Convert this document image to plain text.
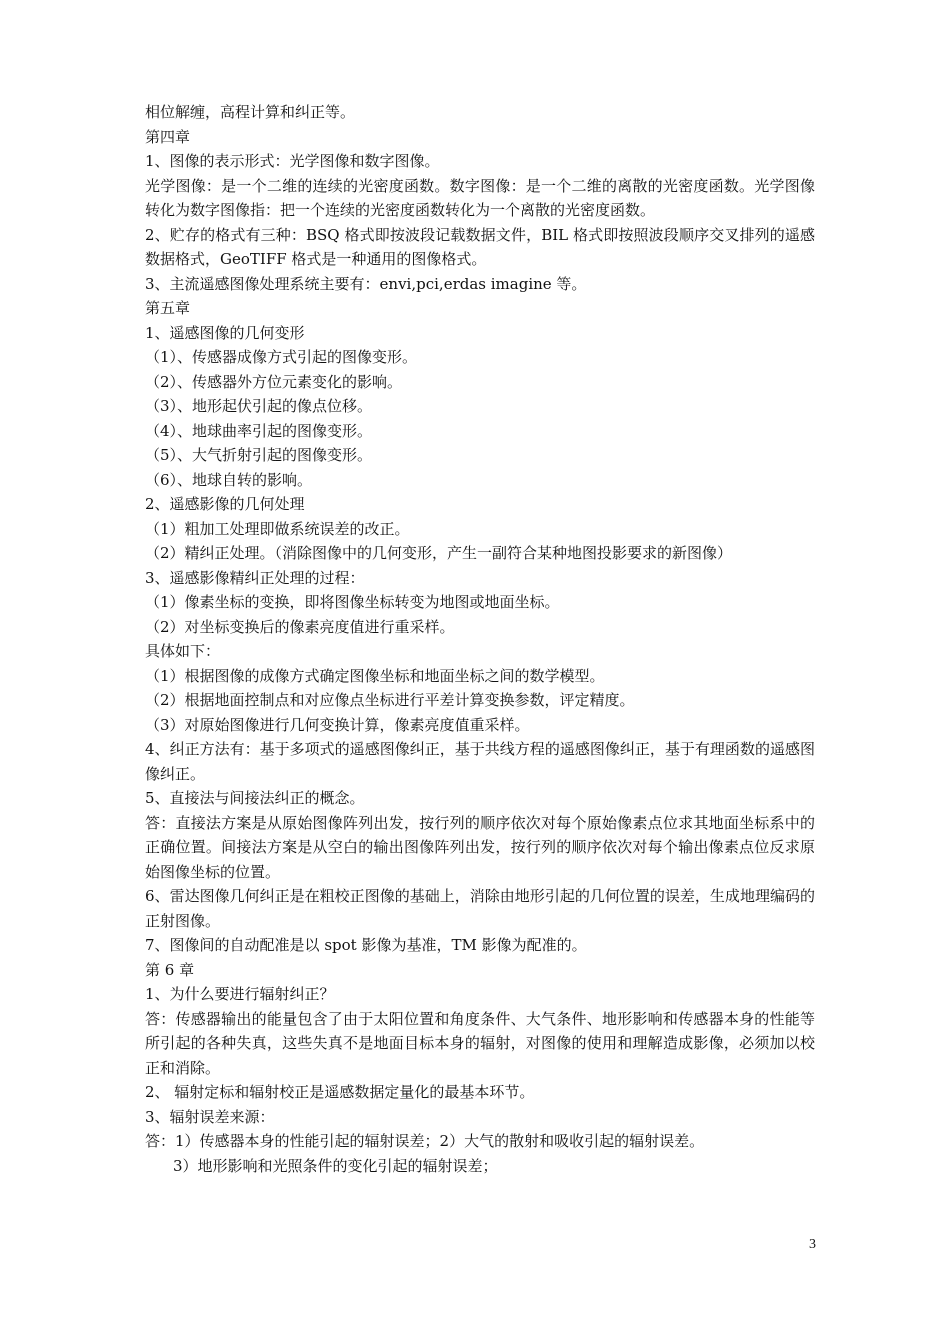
相位解缠，高程计算和纠正等。

第四章

1、图像的表示形式：光学图像和数字图像。

光学图像：是一个二维的连续的光密度函数。数字图像：是一个二维的离散的光密度函数。光学图像转化为数字图像指：把一个连续的光密度函数转化为一个离散的光密度函数。

2、贮存的格式有三种：BSQ 格式即按波段记载数据文件，BIL 格式即按照波段顺序交叉排列的遥感数据格式，GeoTIFF 格式是一种通用的图像格式。

3、主流遥感图像处理系统主要有：envi,pci,erdas imagine 等。

第五章

1、遥感图像的几何变形

（1）、传感器成像方式引起的图像变形。

（2）、传感器外方位元素变化的影响。

（3）、地形起伏引起的像点位移。

（4）、地球曲率引起的图像变形。

（5）、大气折射引起的图像变形。

（6）、地球自转的影响。

2、遥感影像的几何处理

（1）粗加工处理即做系统误差的改正。

（2）精纠正处理。（消除图像中的几何变形，产生一副符合某种地图投影要求的新图像）

3、遥感影像精纠正处理的过程：

（1）像素坐标的变换，即将图像坐标转变为地图或地面坐标。

（2）对坐标变换后的像素亮度值进行重采样。

具体如下：

（1）根据图像的成像方式确定图像坐标和地面坐标之间的数学模型。

（2）根据地面控制点和对应像点坐标进行平差计算变换参数，评定精度。

（3）对原始图像进行几何变换计算，像素亮度值重采样。

4、纠正方法有：基于多项式的遥感图像纠正，基于共线方程的遥感图像纠正，基于有理函数的遥感图像纠正。

5、直接法与间接法纠正的概念。

答：直接法方案是从原始图像阵列出发，按行列的顺序依次对每个原始像素点位求其地面坐标系中的正确位置。间接法方案是从空白的输出图像阵列出发，按行列的顺序依次对每个输出像素点位反求原始图像坐标的位置。

6、雷达图像几何纠正是在粗校正图像的基础上，消除由地形引起的几何位置的误差，生成地理编码的正射图像。

7、图像间的自动配准是以 spot 影像为基准，TM 影像为配准的。

第 6 章

1、为什么要进行辐射纠正？

答：传感器输出的能量包含了由于太阳位置和角度条件、大气条件、地形影响和传感器本身的性能等所引起的各种失真，这些失真不是地面目标本身的辐射，对图像的使用和理解造成影像，必须加以校正和消除。

2、 辐射定标和辐射校正是遥感数据定量化的最基本环节。

3、辐射误差来源：

答：1）传感器本身的性能引起的辐射误差；2）大气的散射和吸收引起的辐射误差。

3）地形影响和光照条件的变化引起的辐射误差；

3
